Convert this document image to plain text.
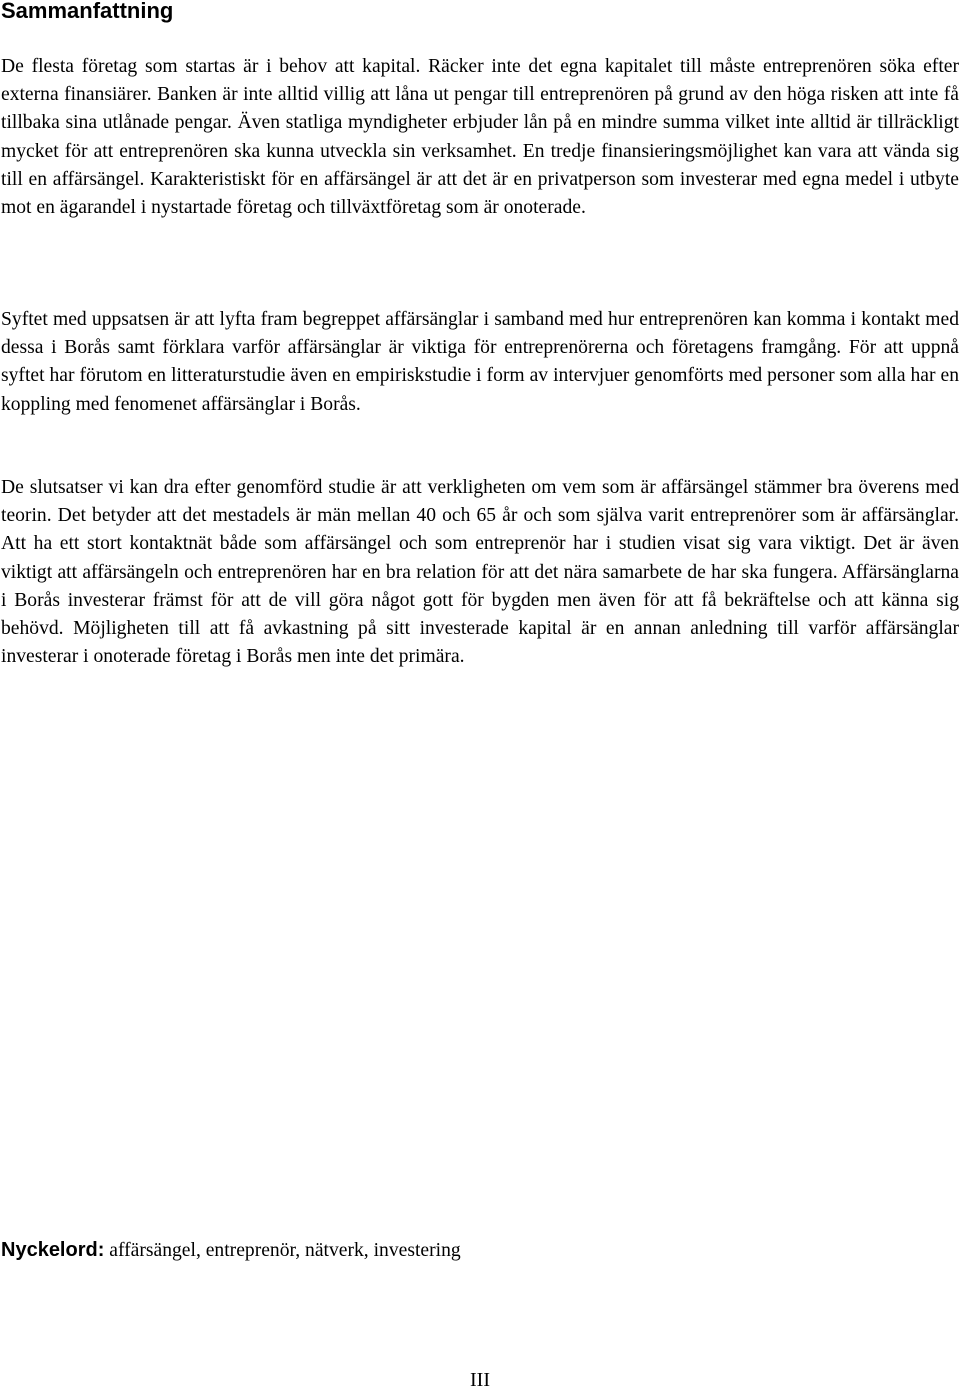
Sammanfattning

De flesta företag som startas är i behov att kapital. Räcker inte det egna kapitalet till måste entreprenören söka efter externa finansiärer. Banken är inte alltid villig att låna ut pengar till entreprenören på grund av den höga risken att inte få tillbaka sina utlånade pengar. Även statliga myndigheter erbjuder lån på en mindre summa vilket inte alltid är tillräckligt mycket för att entreprenören ska kunna utveckla sin verksamhet. En tredje finansieringsmöjlighet kan vara att vända sig till en affärsängel. Karakteristiskt för en affärsängel är att det är en privatperson som investerar med egna medel i utbyte mot en ägarandel i nystartade företag och tillväxtföretag som är onoterade.

Syftet med uppsatsen är att lyfta fram begreppet affärsänglar i samband med hur entreprenören kan komma i kontakt med dessa i Borås samt förklara varför affärsänglar är viktiga för entreprenörerna och företagens framgång. För att uppnå syftet har förutom en litteraturstudie även en empiriskstudie i form av intervjuer genomförts med personer som alla har en koppling med fenomenet affärsänglar i Borås.

De slutsatser vi kan dra efter genomförd studie är att verkligheten om vem som är affärsängel stämmer bra överens med teorin. Det betyder att det mestadels är män mellan 40 och 65 år och som själva varit entreprenörer som är affärsänglar. Att ha ett stort kontaktnät både som affärsängel och som entreprenör har i studien visat sig vara viktigt. Det är även viktigt att affärsängeln och entreprenören har en bra relation för att det nära samarbete de har ska fungera. Affärsänglarna i Borås investerar främst för att de vill göra något gott för bygden men även för att få bekräftelse och att känna sig behövd. Möjligheten till att få avkastning på sitt investerade kapital är en annan anledning till varför affärsänglar investerar i onoterade företag i Borås men inte det primära.

Nyckelord: affärsängel, entreprenör, nätverk, investering

III
